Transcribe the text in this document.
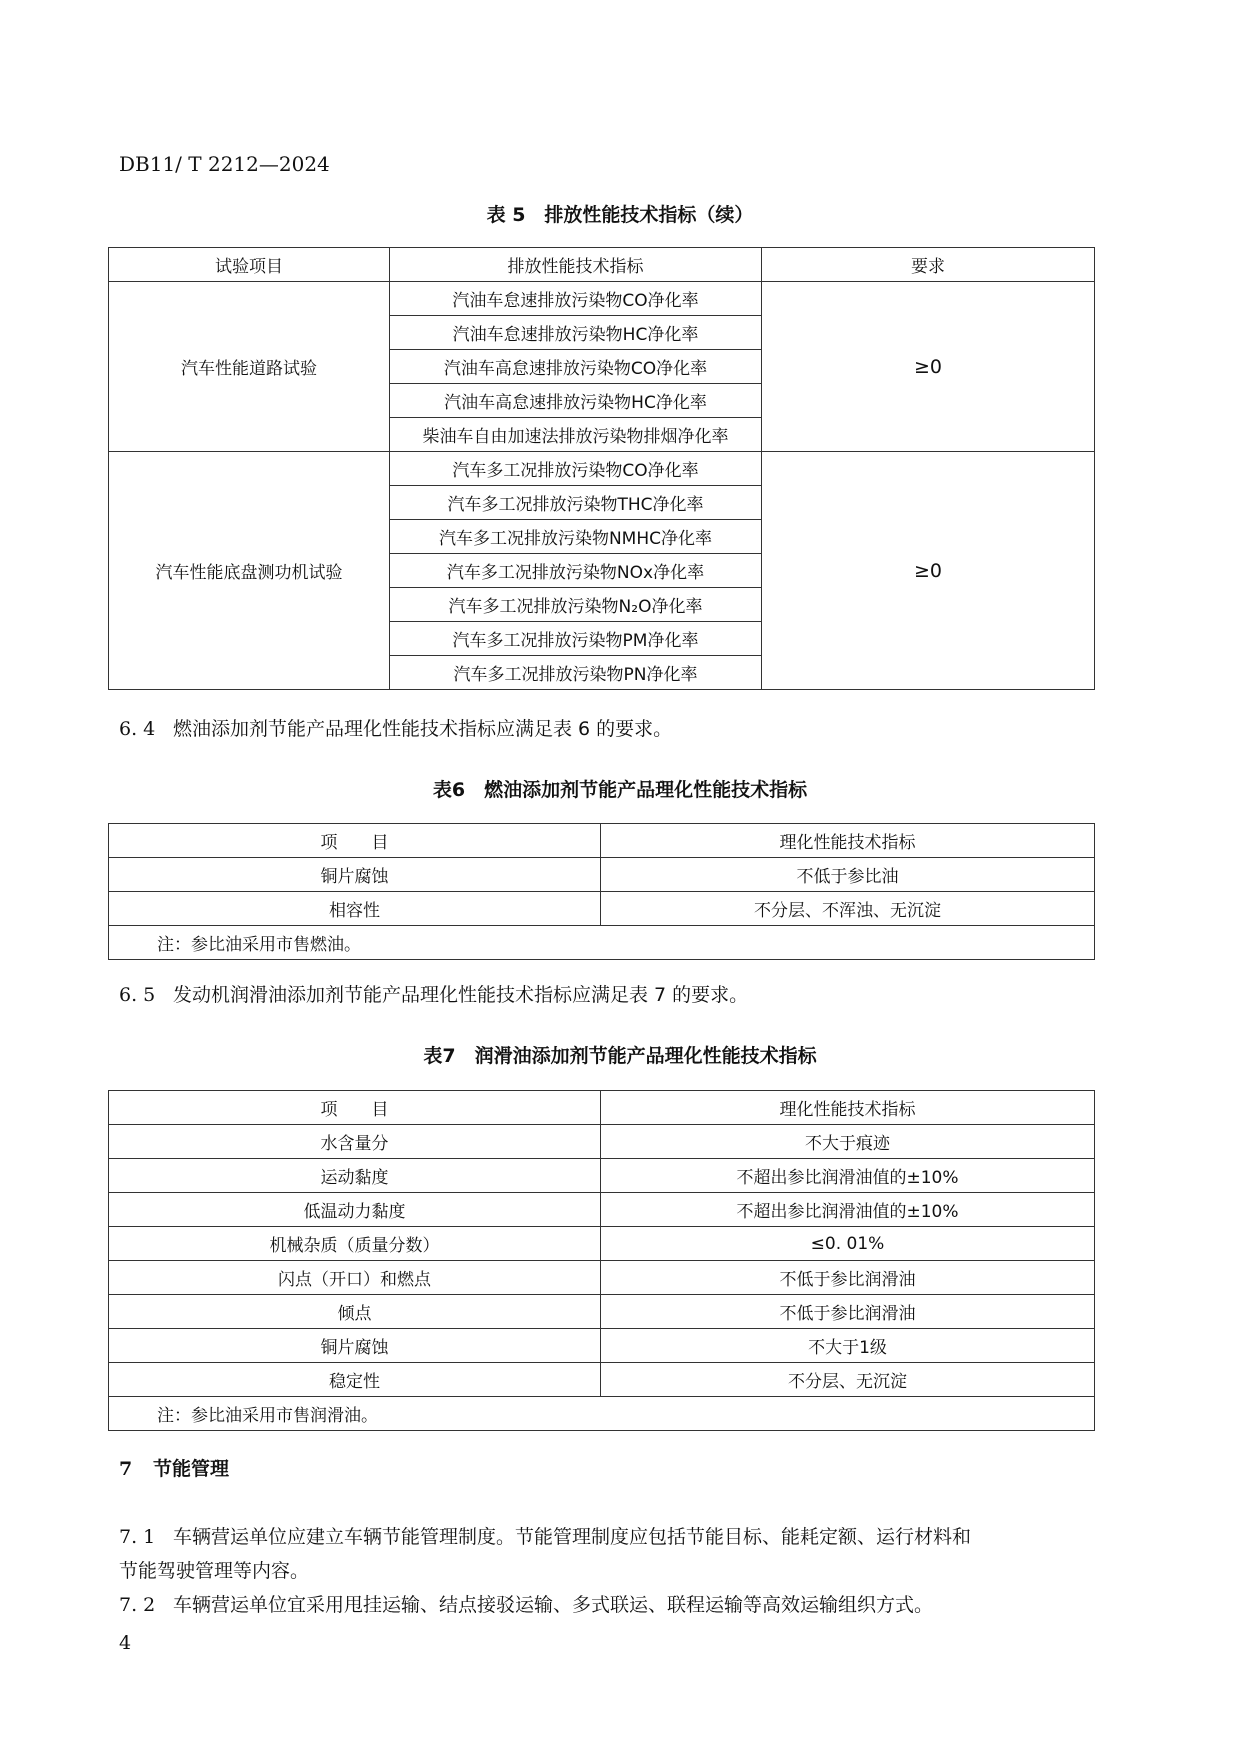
DB11/ T 2212—2024
表 5　排放性能技术指标（续）
试验项目	排放性能技术指标	要求
汽车性能道路试验	汽油车怠速排放污染物CO净化率	≥0
	汽油车怠速排放污染物HC净化率	
	汽油车高怠速排放污染物CO净化率	
	汽油车高怠速排放污染物HC净化率	
	柴油车自由加速法排放污染物排烟净化率	
汽车性能底盘测功机试验	汽车多工况排放污染物CO净化率	≥0
	汽车多工况排放污染物THC净化率	
	汽车多工况排放污染物NMHC净化率	
	汽车多工况排放污染物NOx净化率	
	汽车多工况排放污染物N₂O净化率	
	汽车多工况排放污染物PM净化率	
	汽车多工况排放污染物PN净化率	
6. 4 燃油添加剂节能产品理化性能技术指标应满足表 6 的要求。
表6　燃油添加剂节能产品理化性能技术指标
项　　目	理化性能技术指标
铜片腐蚀	不低于参比油
相容性	不分层、不浑浊、无沉淀
注：参比油采用市售燃油。	
6. 5 发动机润滑油添加剂节能产品理化性能技术指标应满足表 7 的要求。
表7　润滑油添加剂节能产品理化性能技术指标
项　　目	理化性能技术指标
水含量分	不大于痕迹
运动黏度	不超出参比润滑油值的±10%
低温动力黏度	不超出参比润滑油值的±10%
机械杂质（质量分数）	≤0. 01%
闪点（开口）和燃点	不低于参比润滑油
倾点	不低于参比润滑油
铜片腐蚀	不大于1级
稳定性	不分层、无沉淀
注：参比油采用市售润滑油。	
7 节能管理
7. 1 车辆营运单位应建立车辆节能管理制度。节能管理制度应包括节能目标、能耗定额、运行材料和
节能驾驶管理等内容。
7. 2 车辆营运单位宜采用甩挂运输、结点接驳运输、多式联运、联程运输等高效运输组织方式。
4
